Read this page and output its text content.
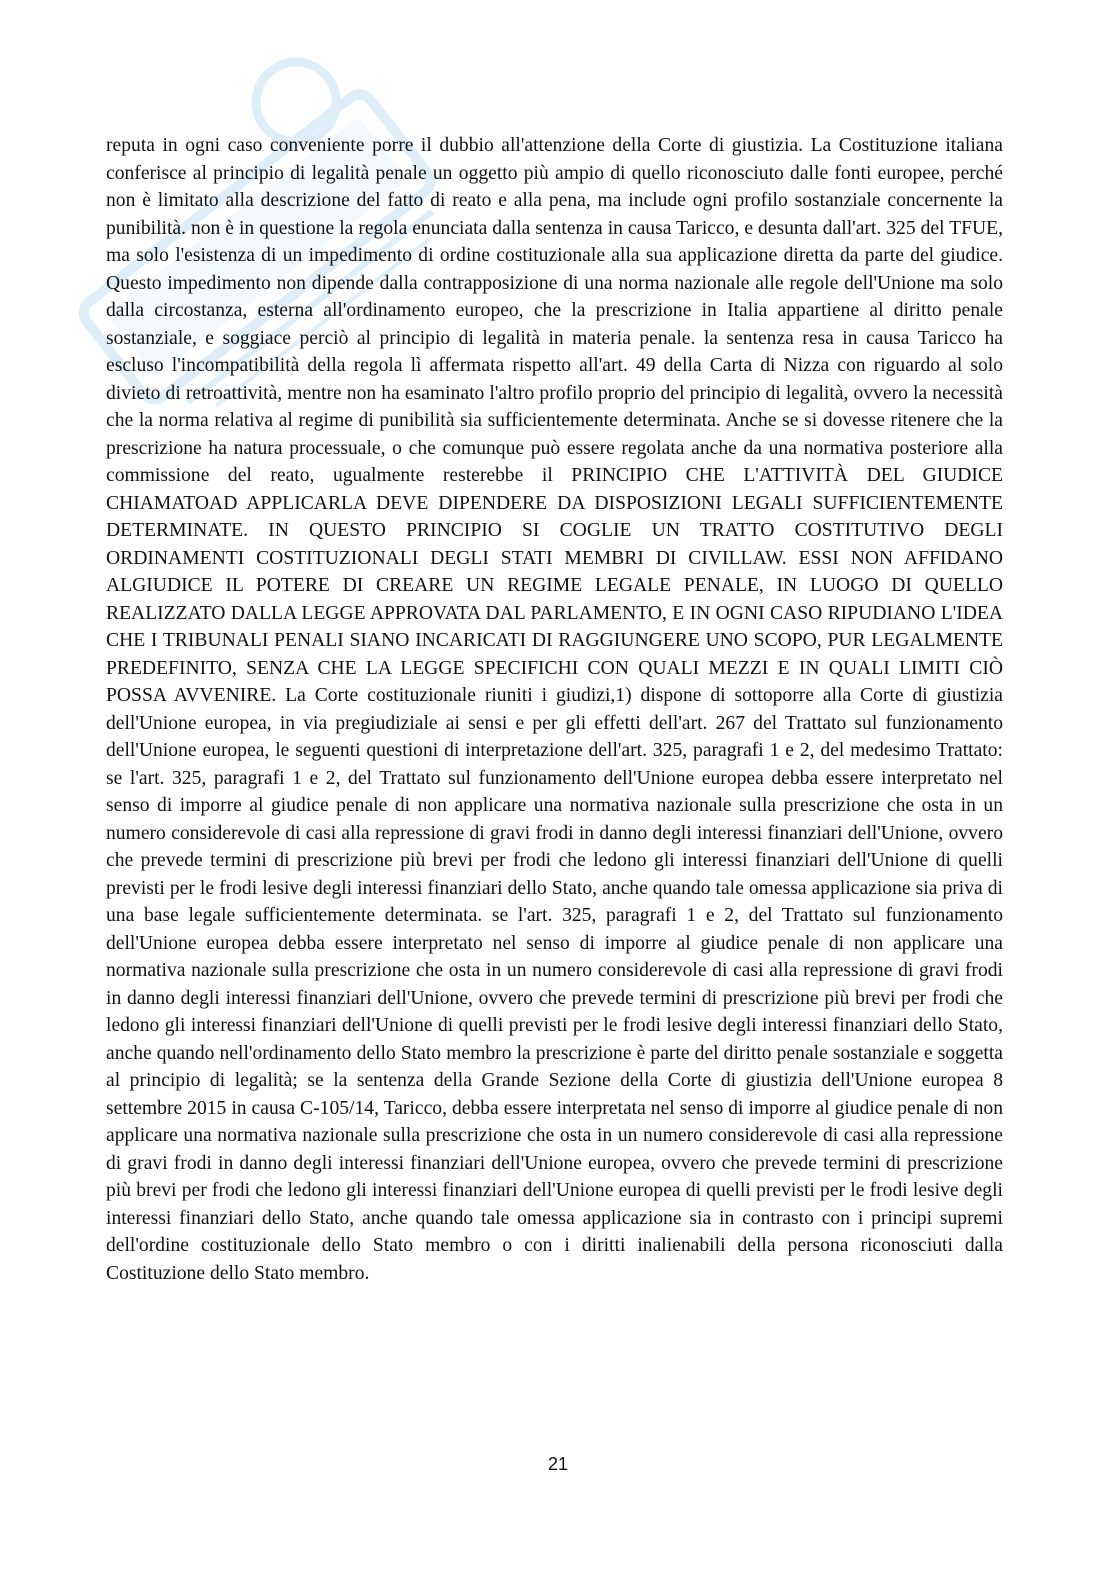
reputa in ogni caso conveniente porre il dubbio all'attenzione della Corte di giustizia. La Costituzione italiana conferisce al principio di legalità penale un oggetto più ampio di quello riconosciuto dalle fonti europee, perché non è limitato alla descrizione del fatto di reato e alla pena, ma include ogni profilo sostanziale concernente la punibilità. non è in questione la regola enunciata dalla sentenza in causa Taricco, e desunta dall'art. 325 del TFUE, ma solo l'esistenza di un impedimento di ordine costituzionale alla sua applicazione diretta da parte del giudice. Questo impedimento non dipende dalla contrapposizione di una norma nazionale alle regole dell'Unione ma solo dalla circostanza, esterna all'ordinamento europeo, che la prescrizione in Italia appartiene al diritto penale sostanziale, e soggiace perciò al principio di legalità in materia penale. la sentenza resa in causa Taricco ha escluso l'incompatibilità della regola lì affermata rispetto all'art. 49 della Carta di Nizza con riguardo al solo divieto di retroattività, mentre non ha esaminato l'altro profilo proprio del principio di legalità, ovvero la necessità che la norma relativa al regime di punibilità sia sufficientemente determinata. Anche se si dovesse ritenere che la prescrizione ha natura processuale, o che comunque può essere regolata anche da una normativa posteriore alla commissione del reato, ugualmente resterebbe il PRINCIPIO CHE L'ATTIVITÀ DEL GIUDICE CHIAMATOAD APPLICARLA DEVE DIPENDERE DA DISPOSIZIONI LEGALI SUFFICIENTEMENTE DETERMINATE. IN QUESTO PRINCIPIO SI COGLIE UN TRATTO COSTITUTIVO DEGLI ORDINAMENTI COSTITUZIONALI DEGLI STATI MEMBRI DI CIVILLAW. ESSI NON AFFIDANO ALGIUDICE IL POTERE DI CREARE UN REGIME LEGALE PENALE, IN LUOGO DI QUELLO REALIZZATO DALLA LEGGE APPROVATA DAL PARLAMENTO, E IN OGNI CASO RIPUDIANO L'IDEA CHE I TRIBUNALI PENALI SIANO INCARICATI DI RAGGIUNGERE UNO SCOPO, PUR LEGALMENTE PREDEFINITO, SENZA CHE LA LEGGE SPECIFICHI CON QUALI MEZZI E IN QUALI LIMITI CIÒ POSSA AVVENIRE. La Corte costituzionale riuniti i giudizi,1) dispone di sottoporre alla Corte di giustizia dell'Unione europea, in via pregiudiziale ai sensi e per gli effetti dell'art. 267 del Trattato sul funzionamento dell'Unione europea, le seguenti questioni di interpretazione dell'art. 325, paragrafi 1 e 2, del medesimo Trattato: se l'art. 325, paragrafi 1 e 2, del Trattato sul funzionamento dell'Unione europea debba essere interpretato nel senso di imporre al giudice penale di non applicare una normativa nazionale sulla prescrizione che osta in un numero considerevole di casi alla repressione di gravi frodi in danno degli interessi finanziari dell'Unione, ovvero che prevede termini di prescrizione più brevi per frodi che ledono gli interessi finanziari dell'Unione di quelli previsti per le frodi lesive degli interessi finanziari dello Stato, anche quando tale omessa applicazione sia priva di una base legale sufficientemente determinata. se l'art. 325, paragrafi 1 e 2, del Trattato sul funzionamento dell'Unione europea debba essere interpretato nel senso di imporre al giudice penale di non applicare una normativa nazionale sulla prescrizione che osta in un numero considerevole di casi alla repressione di gravi frodi in danno degli interessi finanziari dell'Unione, ovvero che prevede termini di prescrizione più brevi per frodi che ledono gli interessi finanziari dell'Unione di quelli previsti per le frodi lesive degli interessi finanziari dello Stato, anche quando nell'ordinamento dello Stato membro la prescrizione è parte del diritto penale sostanziale e soggetta al principio di legalità; se la sentenza della Grande Sezione della Corte di giustizia dell'Unione europea 8 settembre 2015 in causa C-105/14, Taricco, debba essere interpretata nel senso di imporre al giudice penale di non applicare una normativa nazionale sulla prescrizione che osta in un numero considerevole di casi alla repressione di gravi frodi in danno degli interessi finanziari dell'Unione europea, ovvero che prevede termini di prescrizione più brevi per frodi che ledono gli interessi finanziari dell'Unione europea di quelli previsti per le frodi lesive degli interessi finanziari dello Stato, anche quando tale omessa applicazione sia in contrasto con i principi supremi dell'ordine costituzionale dello Stato membro o con i diritti inalienabili della persona riconosciuti dalla Costituzione dello Stato membro.

21
